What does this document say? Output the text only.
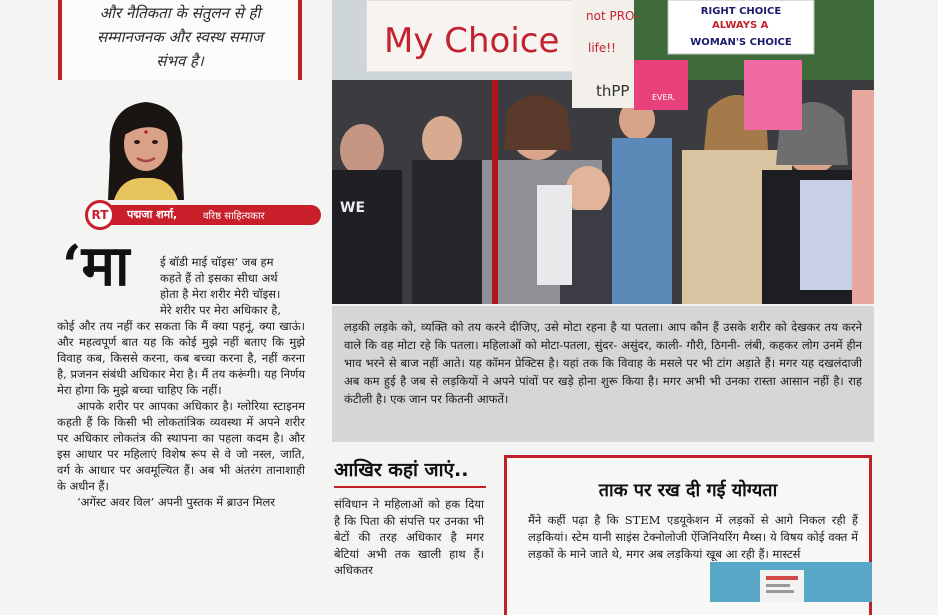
और नैतिकता के संतुलन से ही

सम्मानजनक और स्वस्थ समाज

संभव है।

RT	पद्मजा शर्मा,	वरिष्ठ साहित्यकार
‘मा	ई बॉडी माई चॉइस’ जब हम
कहते हैं तो इसका सीधा अर्थ
होता है मेरा शरीर मेरी चॉइस।
मेरे शरीर पर मेरा अधिकार है,
कोई और तय नहीं कर सकता कि मैं क्या पहनूं, क्या खाऊं। और महत्वपूर्ण बात यह कि कोई मुझे नहीं बताए कि मुझे विवाह कब, किससे करना, कब बच्चा करना है, नहीं करना है, प्रजनन संबंधी अधिकार मेरा है। मैं तय करूंगी। यह निर्णय मेरा होगा कि मुझे बच्चा चाहिए कि नहीं।
आपके शरीर पर आपका अधिकार है। ग्लोरिया स्टाइनम कहती हैं कि किसी भी लोकतांत्रिक व्यवस्था में अपने शरीर पर अधिकार लोकतंत्र की स्थापना का पहला कदम है। और इस आधार पर महिलाएं विशेष रूप से वे जो नस्ल, जाति, वर्ग के आधार पर अवमूल्यित हैं। अब भी अंतरंग तानाशाही के अधीन हैं।
‘अगेंस्ट अवर विल’ अपनी पुस्तक में ब्राउन मिलर
My Choice
not PRO-
life!!
thPP	EVER.
RIGHT CHOICE
ALWAYS A
WOMAN'S CHOICE
WE
लड़की लड़के को, व्यक्ति को तय करने दीजिए, उसे मोटा रहना है या पतला। आप कौन हैं उसके शरीर को देखकर तय करने वाले कि वह मोटा रहे कि पतला। महिलाओं को मोटा-पतला, सुंदर- असुंदर, काली- गौरी, ठिगनी- लंबी, कहकर लोग उनमें हीन भाव भरने से बाज नहीं आते। यह कॉमन प्रेक्टिस है। यहां तक कि विवाह के मसले पर भी टांग अड़ाते हैं। मगर यह दखलंदाजी अब कम हुई है जब से लड़कियों ने अपने पांवों पर खड़े होना शुरू किया है। मगर अभी भी उनका रास्ता आसान नहीं है। राह कंटीली है। एक जान पर कितनी आफतें।
आखिर कहां जाएं..
संविधान ने महिलाओं को हक दिया है कि पिता की संपत्ति पर उनका भी बेटों की तरह अधिकार है मगर बेटियां अभी तक खाली हाथ हैं। अधिकतर
ताक पर रख दी गई योग्यता
मैंने कहीं पढ़ा है कि STEM एडयूकेशन में लड़कों से आगे निकल रही हैं लड़कियां। स्टेम यानी साइंस टेक्नोलोजी ऐंजिनियरिंग मैथ्स। ये विषय कोई वक्त में लड़कों के माने जाते थे, मगर अब लड़कियां खूब आ रही हैं। मास्टर्स
